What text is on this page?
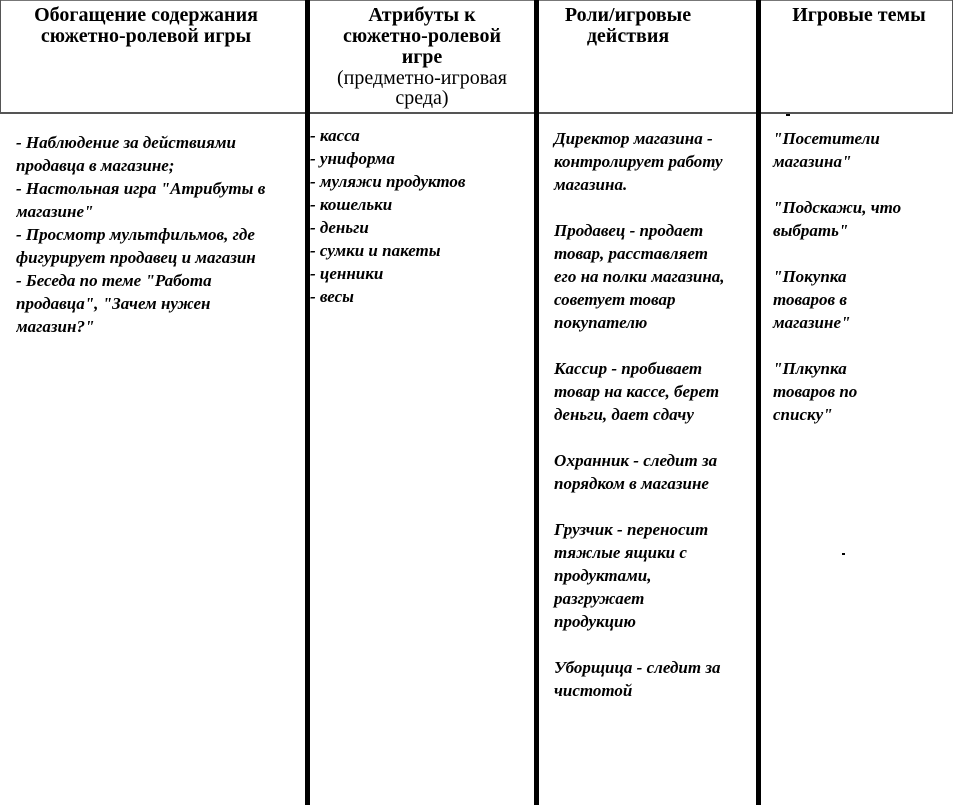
Обогащение содержания
сюжетно-ролевой игры
Атрибуты к
сюжетно-ролевой
игре
(предметно-игровая
среда)
Роли/игровые
действия
Игровые темы

- Наблюдение за действиями

продавца в магазине;

- Настольная игра "Атрибуты в

магазине"

- Просмотр мультфильмов, где

фигурирует продавец и магазин

- Беседа по теме "Работа

продавца", "Зачем нужен

магазин?"

- касса

- униформа

- муляжи продуктов

- кошельки

- деньги

- сумки и пакеты

- ценники

- весы

Директор магазина -

контролирует работу

магазина.

Продавец - продает

товар, расставляет

его на полки магазина,

советует товар

покупателю

Кассир - пробивает

товар на кассе, берет

деньги, дает сдачу

Охранник - следит за

порядком в магазине

Грузчик - переносит

тяжлые ящики с

продуктами,

разгружает

продукцию

Уборщица - следит за

чистотой

"Посетители

магазина"

"Подскажи, что

выбрать"

"Покупка

товаров в

магазине"

"Плкупка

товаров по

списку"
